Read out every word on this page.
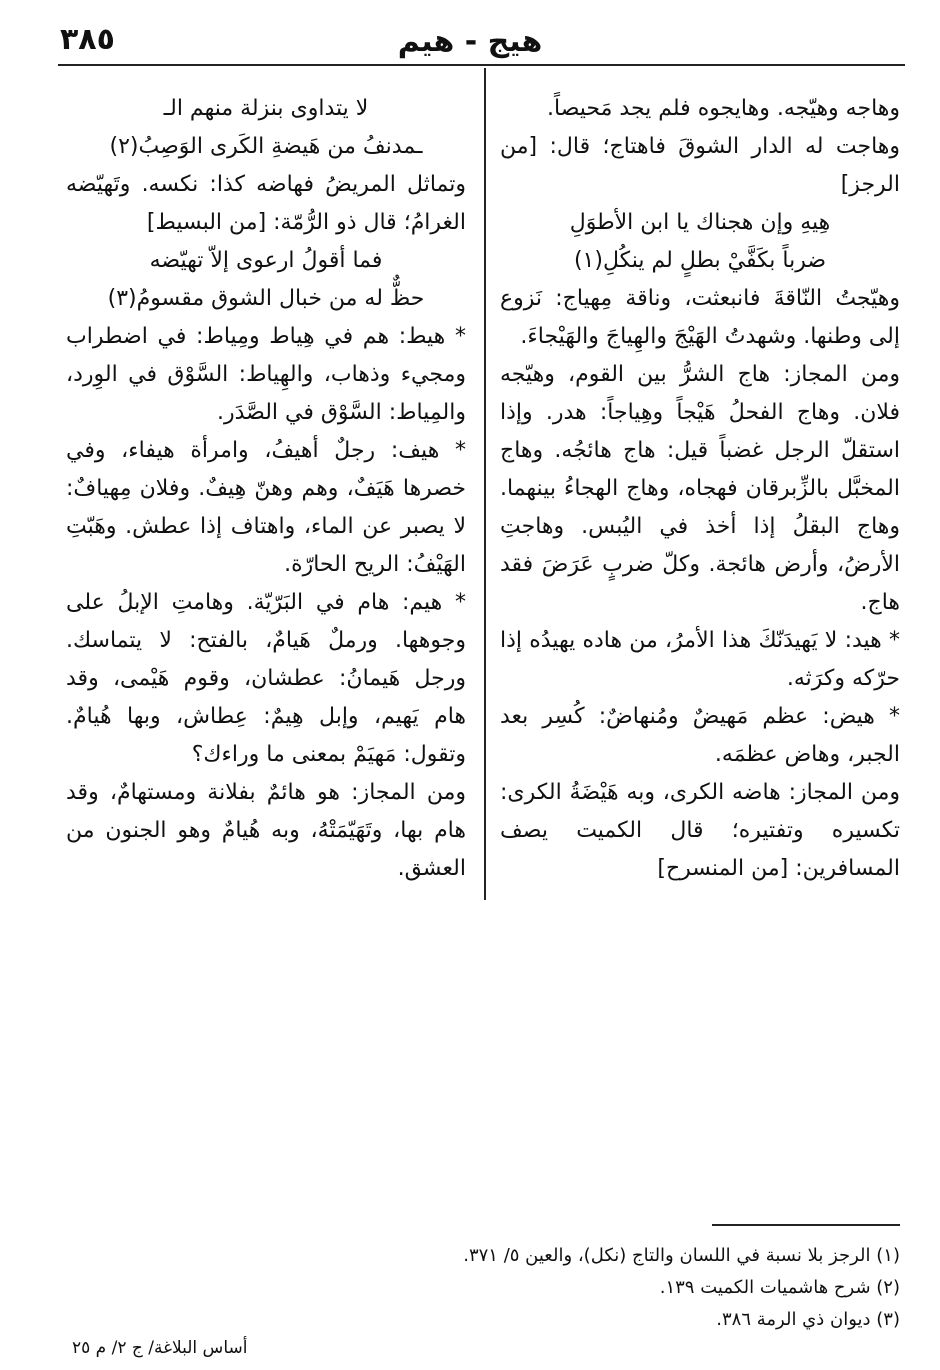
٣٨٥	هيج - هيم

وهاجه وهيّجه. وهايجوه فلم يجد مَحيصاً.

وهاجت له الدار الشوقَ فاهتاج؛ قال: [من الرجز]

هِيهِ وإن هجناك يا ابن الأطوَلِ

ضرباً بكَفَّيْ بطلٍ لم ينكُلِ(١)

وهيّجتُ النّاقةَ فانبعثت، وناقة مِهياج: نَزوع إلى وطنها. وشهدتُ الهَيْجَ والهِياجَ والهَيْجاءَ.

ومن المجاز: هاج الشرُّ بين القوم، وهيّجه فلان. وهاج الفحلُ هَيْجاً وهِياجاً: هدر. وإذا استقلّ الرجل غضباً قيل: هاج هائجُه. وهاج المخبَّل بالزِّبرقان فهجاه، وهاج الهجاءُ بينهما. وهاج البقلُ إذا أخذ في اليُبس. وهاجتِ الأرضُ، وأرض هائجة. وكلّ ضربٍ عَرَضَ فقد هاج.

* هيد: لا يَهيدَنّكَ هذا الأمرُ، من هاده يهيدُه إذا حرّكه وكرَثه.

* هيض: عظم مَهيضٌ ومُنهاضٌ: كُسِر بعد الجبر، وهاض عظمَه.

ومن المجاز: هاضه الكرى، وبه هَيْضَةُ الكرى: تكسيره وتفتيره؛ قال الكميت يصف المسافرين: [من المنسرح]

لا يتداوى بنزلة منهم الـ

ـمدنفُ من هَيضةِ الكَرى الوَصِبُ(٢)

وتماثل المريضُ فهاضه كذا: نكسه. وتَهيّضه الغرامُ؛ قال ذو الرُّمّة: [من البسيط]

فما أقولُ ارعوى إلاّ تهيّضه

حظٌّ له من خبال الشوق مقسومُ(٣)

* هيط: هم في هِياط ومِياط: في اضطراب ومجيء وذهاب، والهِياط: السَّوْق في الوِرد، والمِياط: السَّوْق في الصَّدَر.

* هيف: رجلٌ أهيفُ، وامرأة هيفاء، وفي خصرها هَيَفٌ، وهم وهنّ هِيفٌ. وفلان مِهيافٌ: لا يصبر عن الماء، واهتاف إذا عطش. وهَبّتِ الهَيْفُ: الريح الحارّة.

* هيم: هام في البَرّيّة. وهامتِ الإبلُ على وجوهها. ورملٌ هَيامٌ، بالفتح: لا يتماسك. ورجل هَيمانُ: عطشان، وقوم هَيْمى، وقد هام يَهيم، وإبل هِيمٌ: عِطاش، وبها هُيامٌ. وتقول: مَهيَمْ بمعنى ما وراءك؟

ومن المجاز: هو هائمٌ بفلانة ومستهامٌ، وقد هام بها، وتَهَيّمَتْهُ، وبه هُيامٌ وهو الجنون من العشق.

(١) الرجز بلا نسبة في اللسان والتاج (نكل)، والعين ٥/ ٣٧١.

(٢) شرح هاشميات الكميت ١٣٩.

(٣) ديوان ذي الرمة ٣٨٦.

أساس البلاغة/ ج ٢/ م ٢٥
